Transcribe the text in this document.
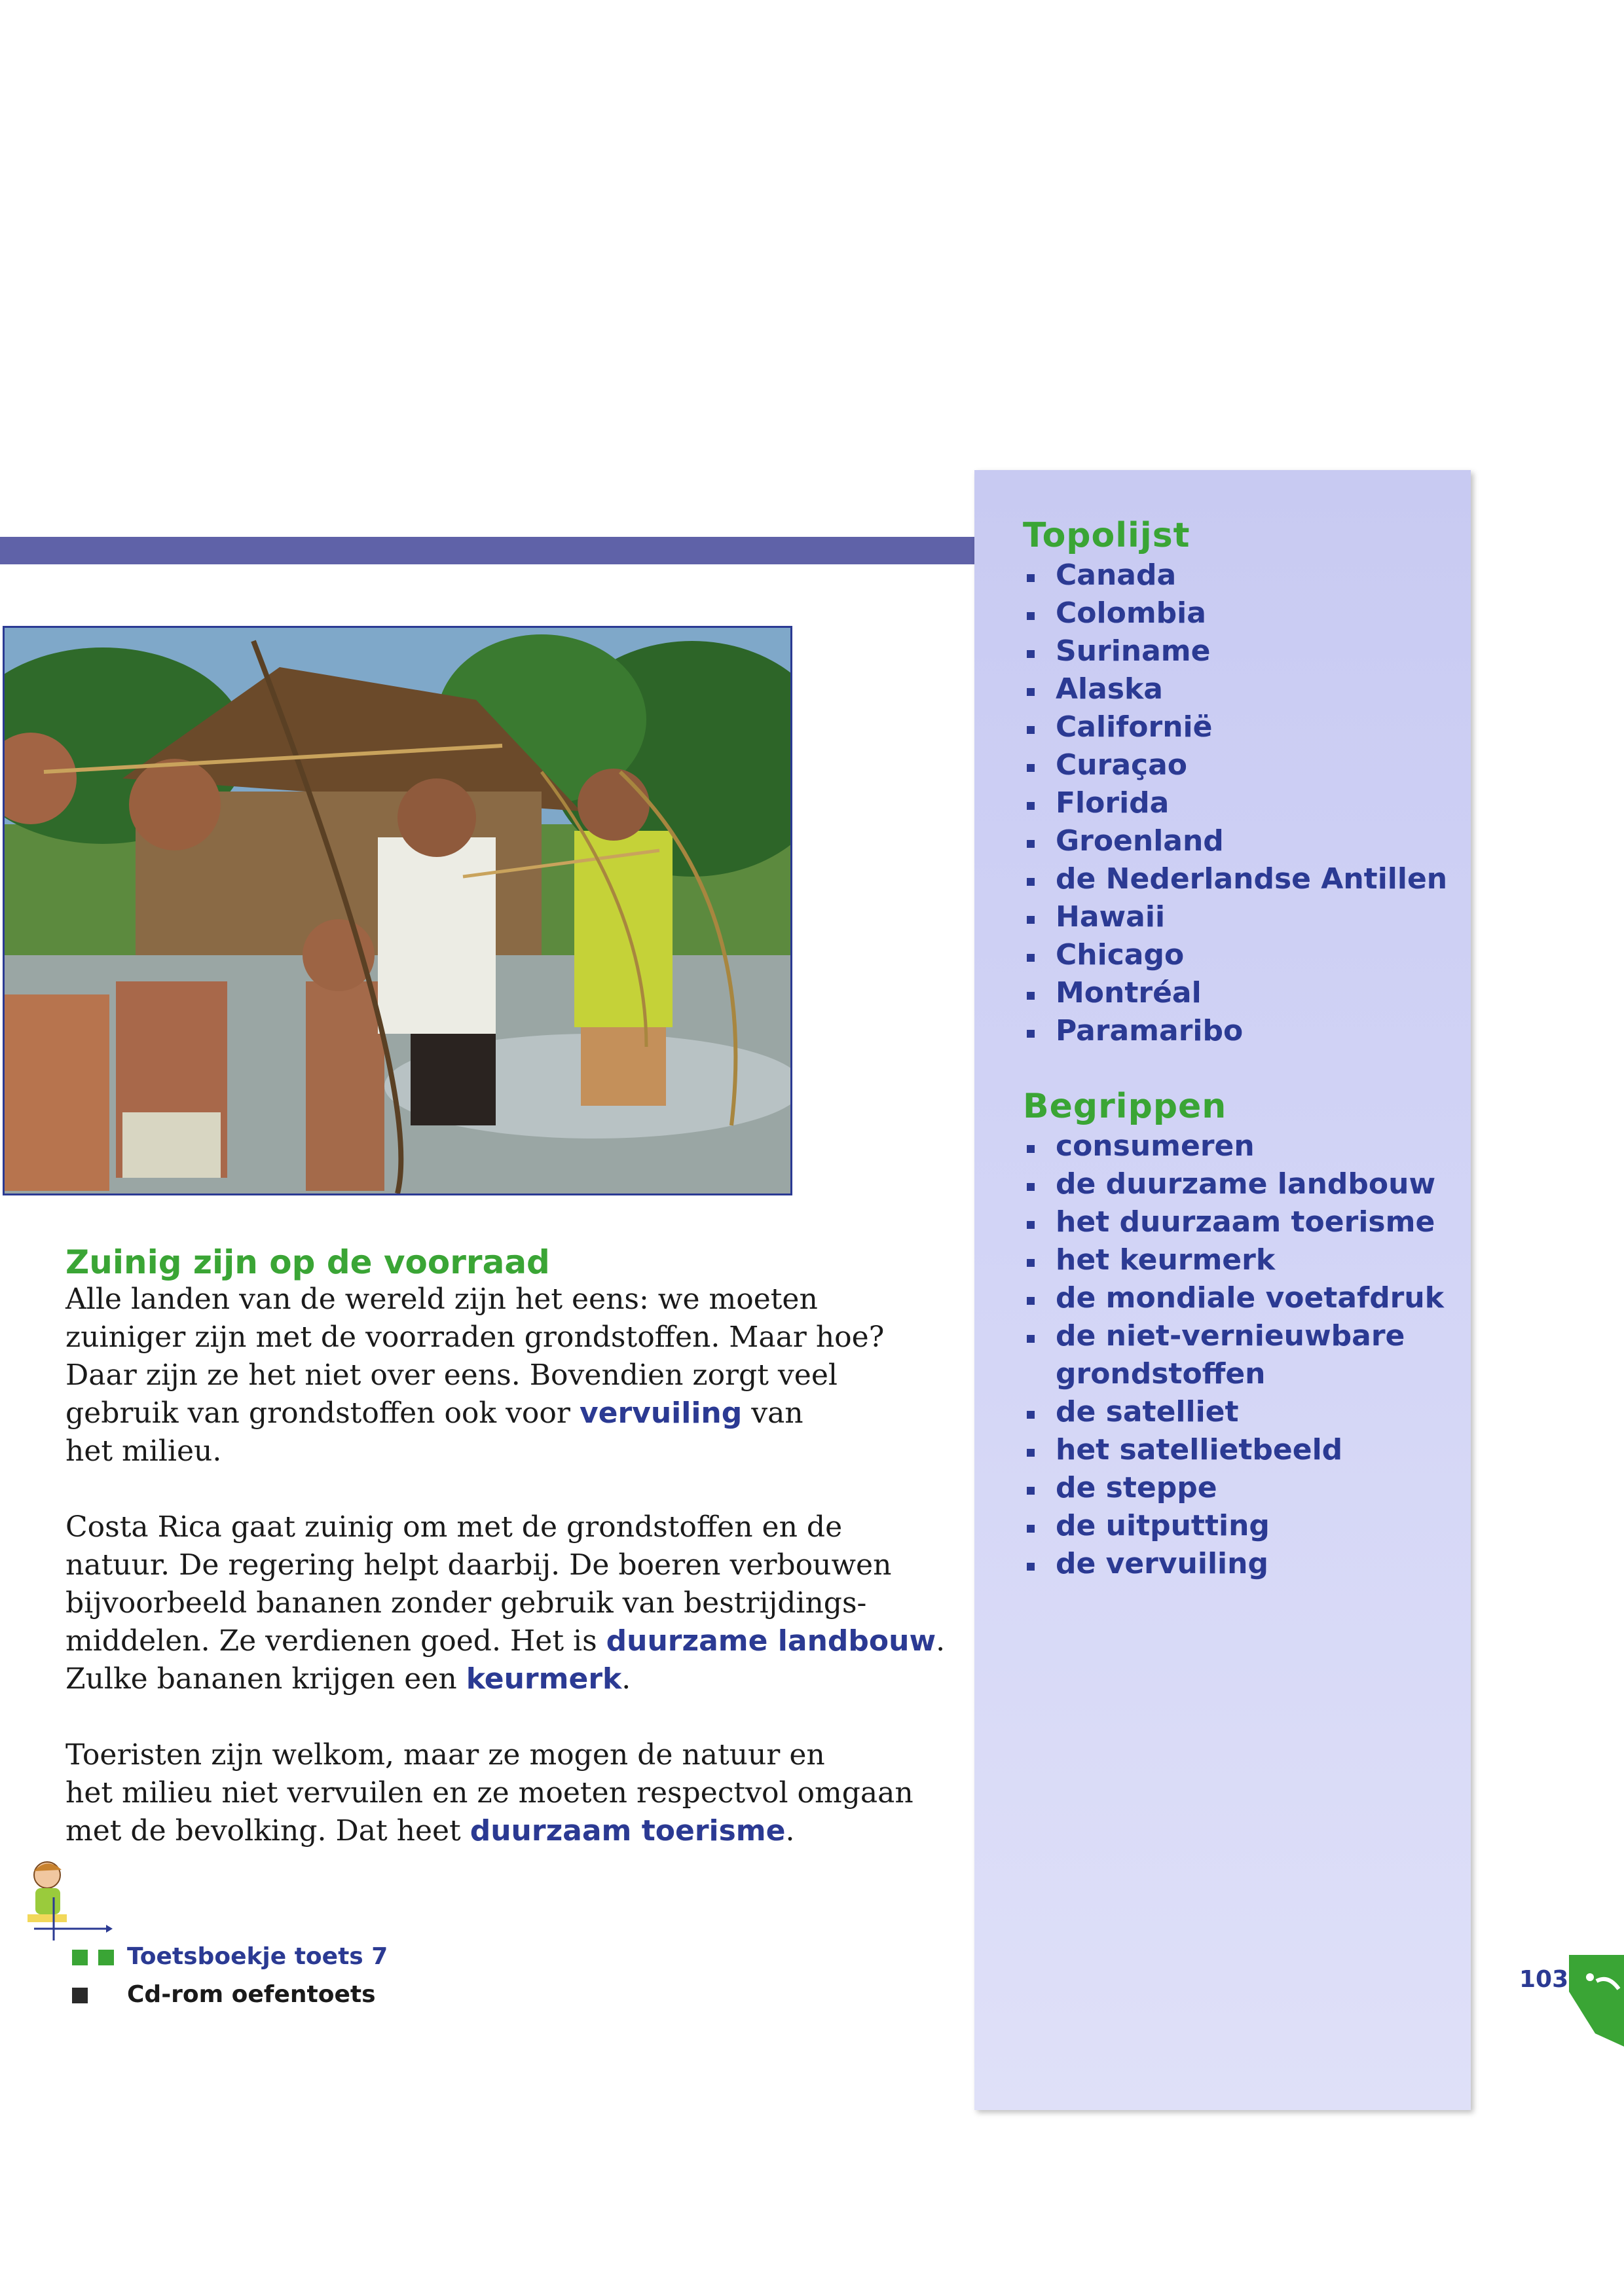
Topolijst
Canada
Colombia
Suriname
Alaska
Californië
Curaçao
Florida
Groenland
de Nederlandse Antillen
Hawaii
Chicago
Montréal
Paramaribo
Begrippen
consumeren
de duurzame landbouw
het duurzaam toerisme
het keurmerk
de mondiale voetafdruk
de niet-vernieuwbare
grondstoffen
de satelliet
het satellietbeeld
de steppe
de uitputting
de vervuiling
Zuinig zijn op de voorraad

Alle landen van de wereld zijn het eens: we moeten
zuiniger zijn met de voorraden grondstoffen. Maar hoe?
Daar zijn ze het niet over eens. Bovendien zorgt veel
gebruik van grondstoffen ook voor vervuiling van
het milieu.

Costa Rica gaat zuinig om met de grondstoffen en de
natuur. De regering helpt daarbij. De boeren verbouwen
bijvoorbeeld bananen zonder gebruik van bestrijdings-
middelen. Ze verdienen goed. Het is duurzame landbouw.
Zulke bananen krijgen een keurmerk.

Toeristen zijn welkom, maar ze mogen de natuur en
het milieu niet vervuilen en ze moeten respectvol omgaan
met de bevolking. Dat heet duurzaam toerisme.

Toetsboekje toets 7
Cd-rom oefentoets
103
